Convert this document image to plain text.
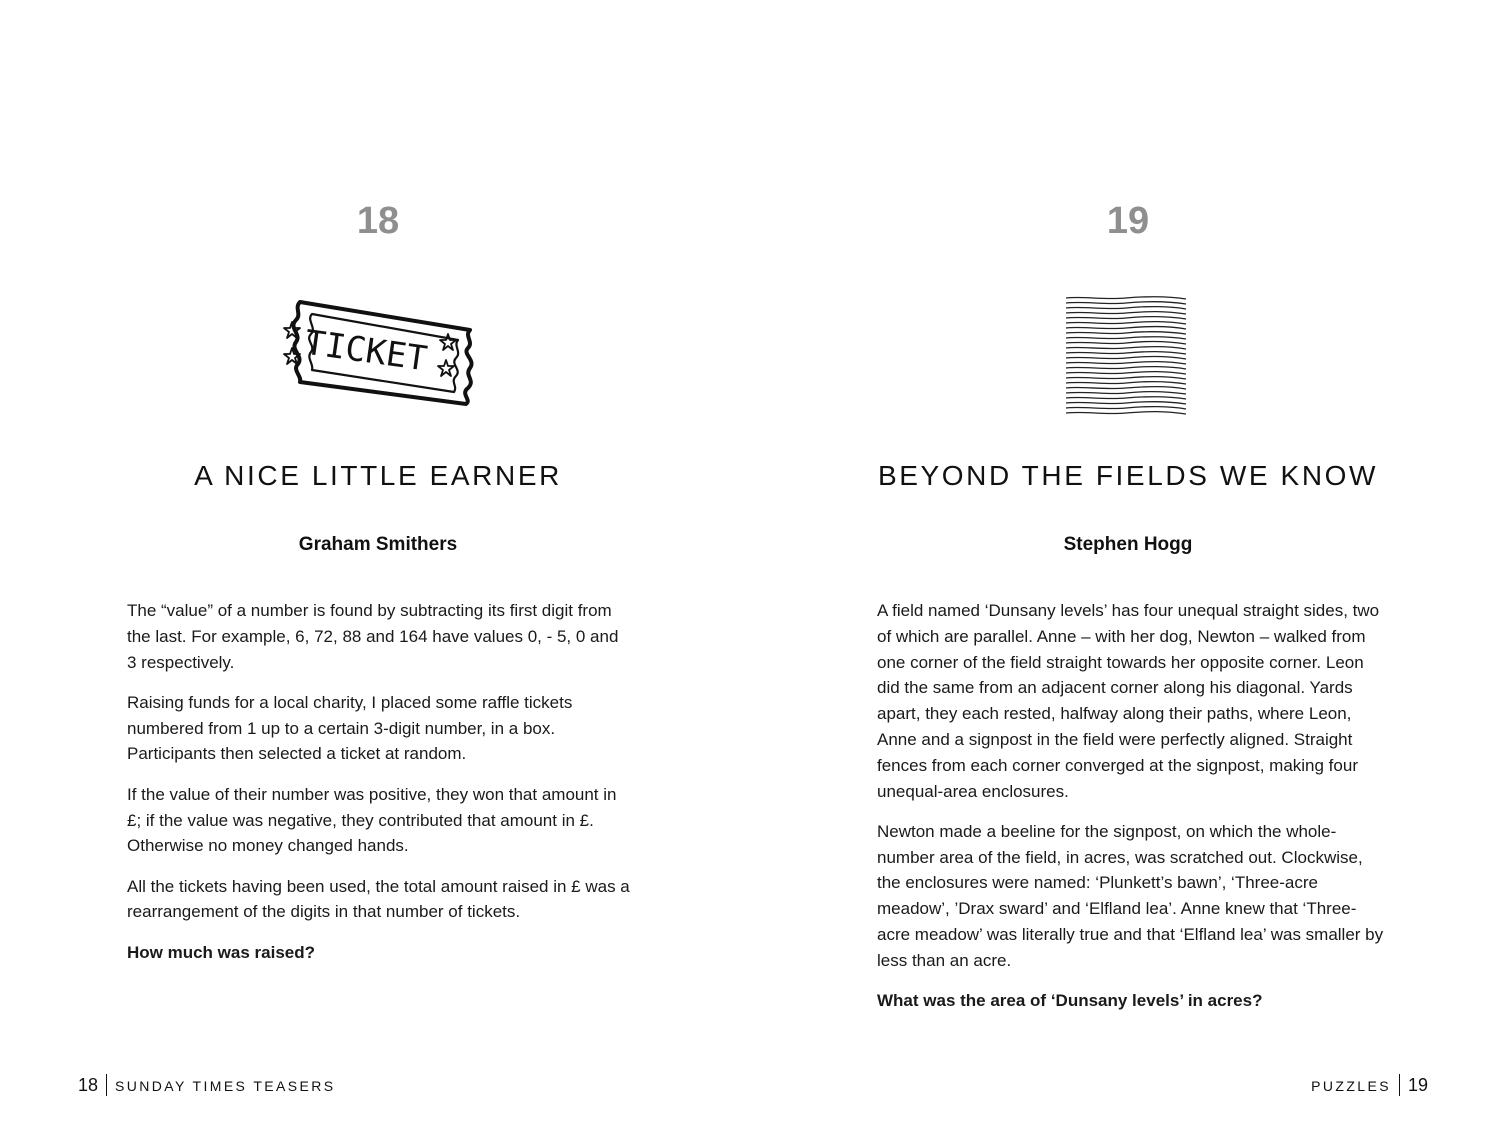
18
TICKET
A NICE LITTLE EARNER
Graham Smithers

The “value” of a number is found by subtracting its first digit from the last. For example, 6, 72, 88 and 164 have values 0, - 5, 0 and 3 respectively.

Raising funds for a local charity, I placed some raffle tickets numbered from 1 up to a certain 3-digit number, in a box. Participants then selected a ticket at random.

If the value of their number was positive, they won that amount in £; if the value was negative, they contributed that amount in £. Otherwise no money changed hands.

All the tickets having been used, the total amount raised in £ was a rearrangement of the digits in that number of tickets.

How much was raised?

18 SUNDAY TIMES TEASERS
19
BEYOND THE FIELDS WE KNOW
Stephen Hogg

A field named ‘Dunsany levels’ has four unequal straight sides, two of which are parallel. Anne – with her dog, Newton – walked from one corner of the field straight towards her opposite corner. Leon did the same from an adjacent corner along his diagonal. Yards apart, they each rested, halfway along their paths, where Leon, Anne and a signpost in the field were perfectly aligned. Straight fences from each corner converged at the signpost, making four unequal-area enclosures.

Newton made a beeline for the signpost, on which the whole-number area of the field, in acres, was scratched out. Clockwise, the enclosures were named: ‘Plunkett’s bawn’, ‘Three-acre meadow’, ’Drax sward’ and ‘Elfland lea’. Anne knew that ‘Three-acre meadow’ was literally true and that ‘Elfland lea’ was smaller by less than an acre.

What was the area of ‘Dunsany levels’ in acres?

PUZZLES 19
